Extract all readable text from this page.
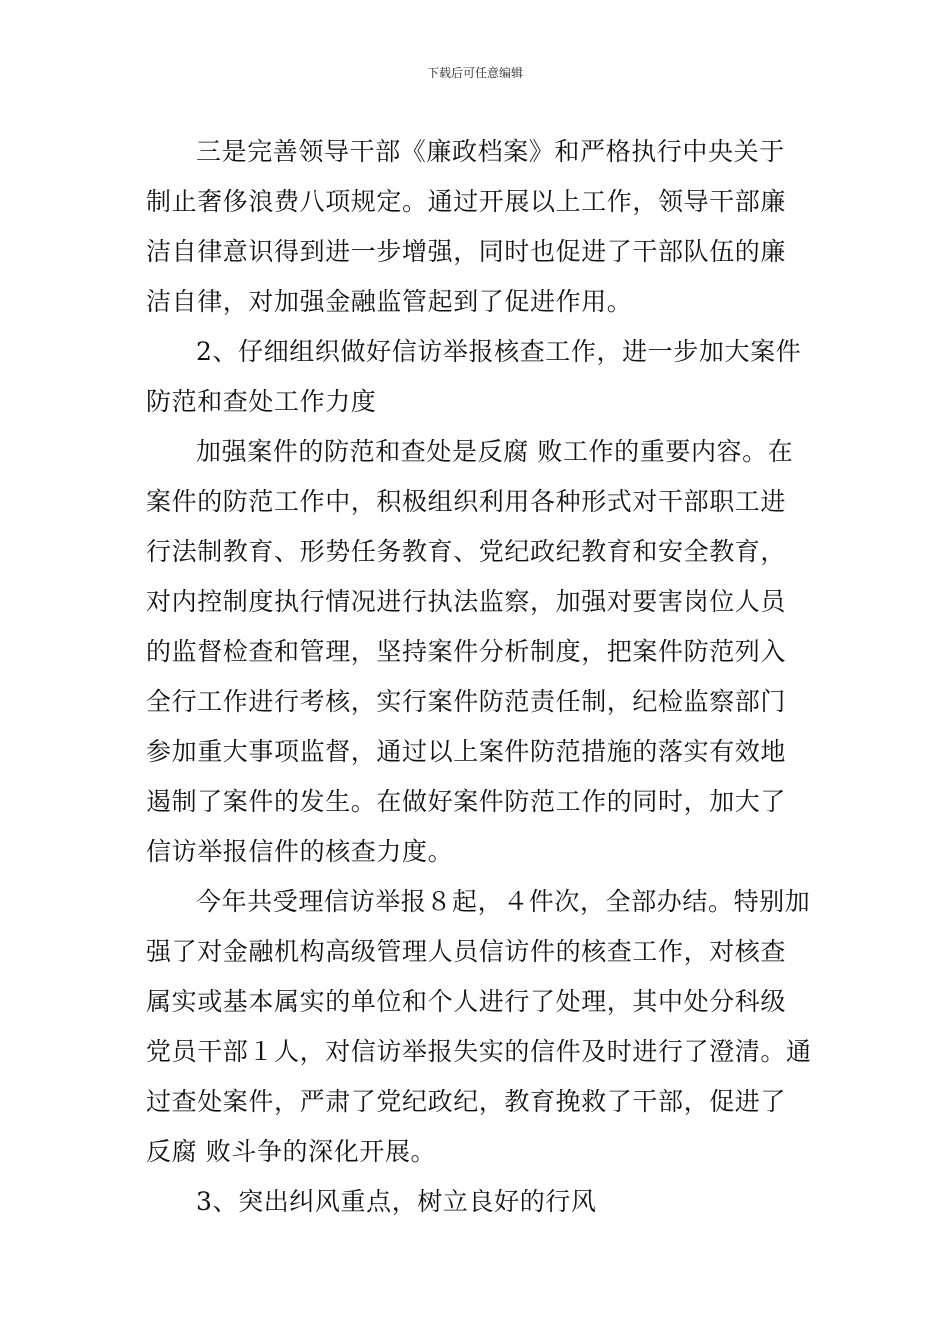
下载后可任意编辑
三是完善领导干部《廉政档案》和严格执行中央关于
制止奢侈浪费八项规定。通过开展以上工作，领导干部廉
洁自律意识得到进一步增强，同时也促进了干部队伍的廉
洁自律，对加强金融监管起到了促进作用。
2、仔细组织做好信访举报核查工作，进一步加大案件
防范和查处工作力度
加强案件的防范和查处是反腐 败工作的重要内容。在
案件的防范工作中，积极组织利用各种形式对干部职工进
行法制教育、形势任务教育、党纪政纪教育和安全教育，
对内控制度执行情况进行执法监察，加强对要害岗位人员
的监督检查和管理，坚持案件分析制度，把案件防范列入
全行工作进行考核，实行案件防范责任制，纪检监察部门
参加重大事项监督，通过以上案件防范措施的落实有效地
遏制了案件的发生。在做好案件防范工作的同时，加大了
信访举报信件的核查力度。
今年共受理信访举报８起，４件次，全部办结。特别加
强了对金融机构高级管理人员信访件的核查工作，对核查
属实或基本属实的单位和个人进行了处理，其中处分科级
党员干部１人，对信访举报失实的信件及时进行了澄清。通
过查处案件，严肃了党纪政纪，教育挽救了干部，促进了
反腐 败斗争的深化开展。
3、突出纠风重点，树立良好的行风
